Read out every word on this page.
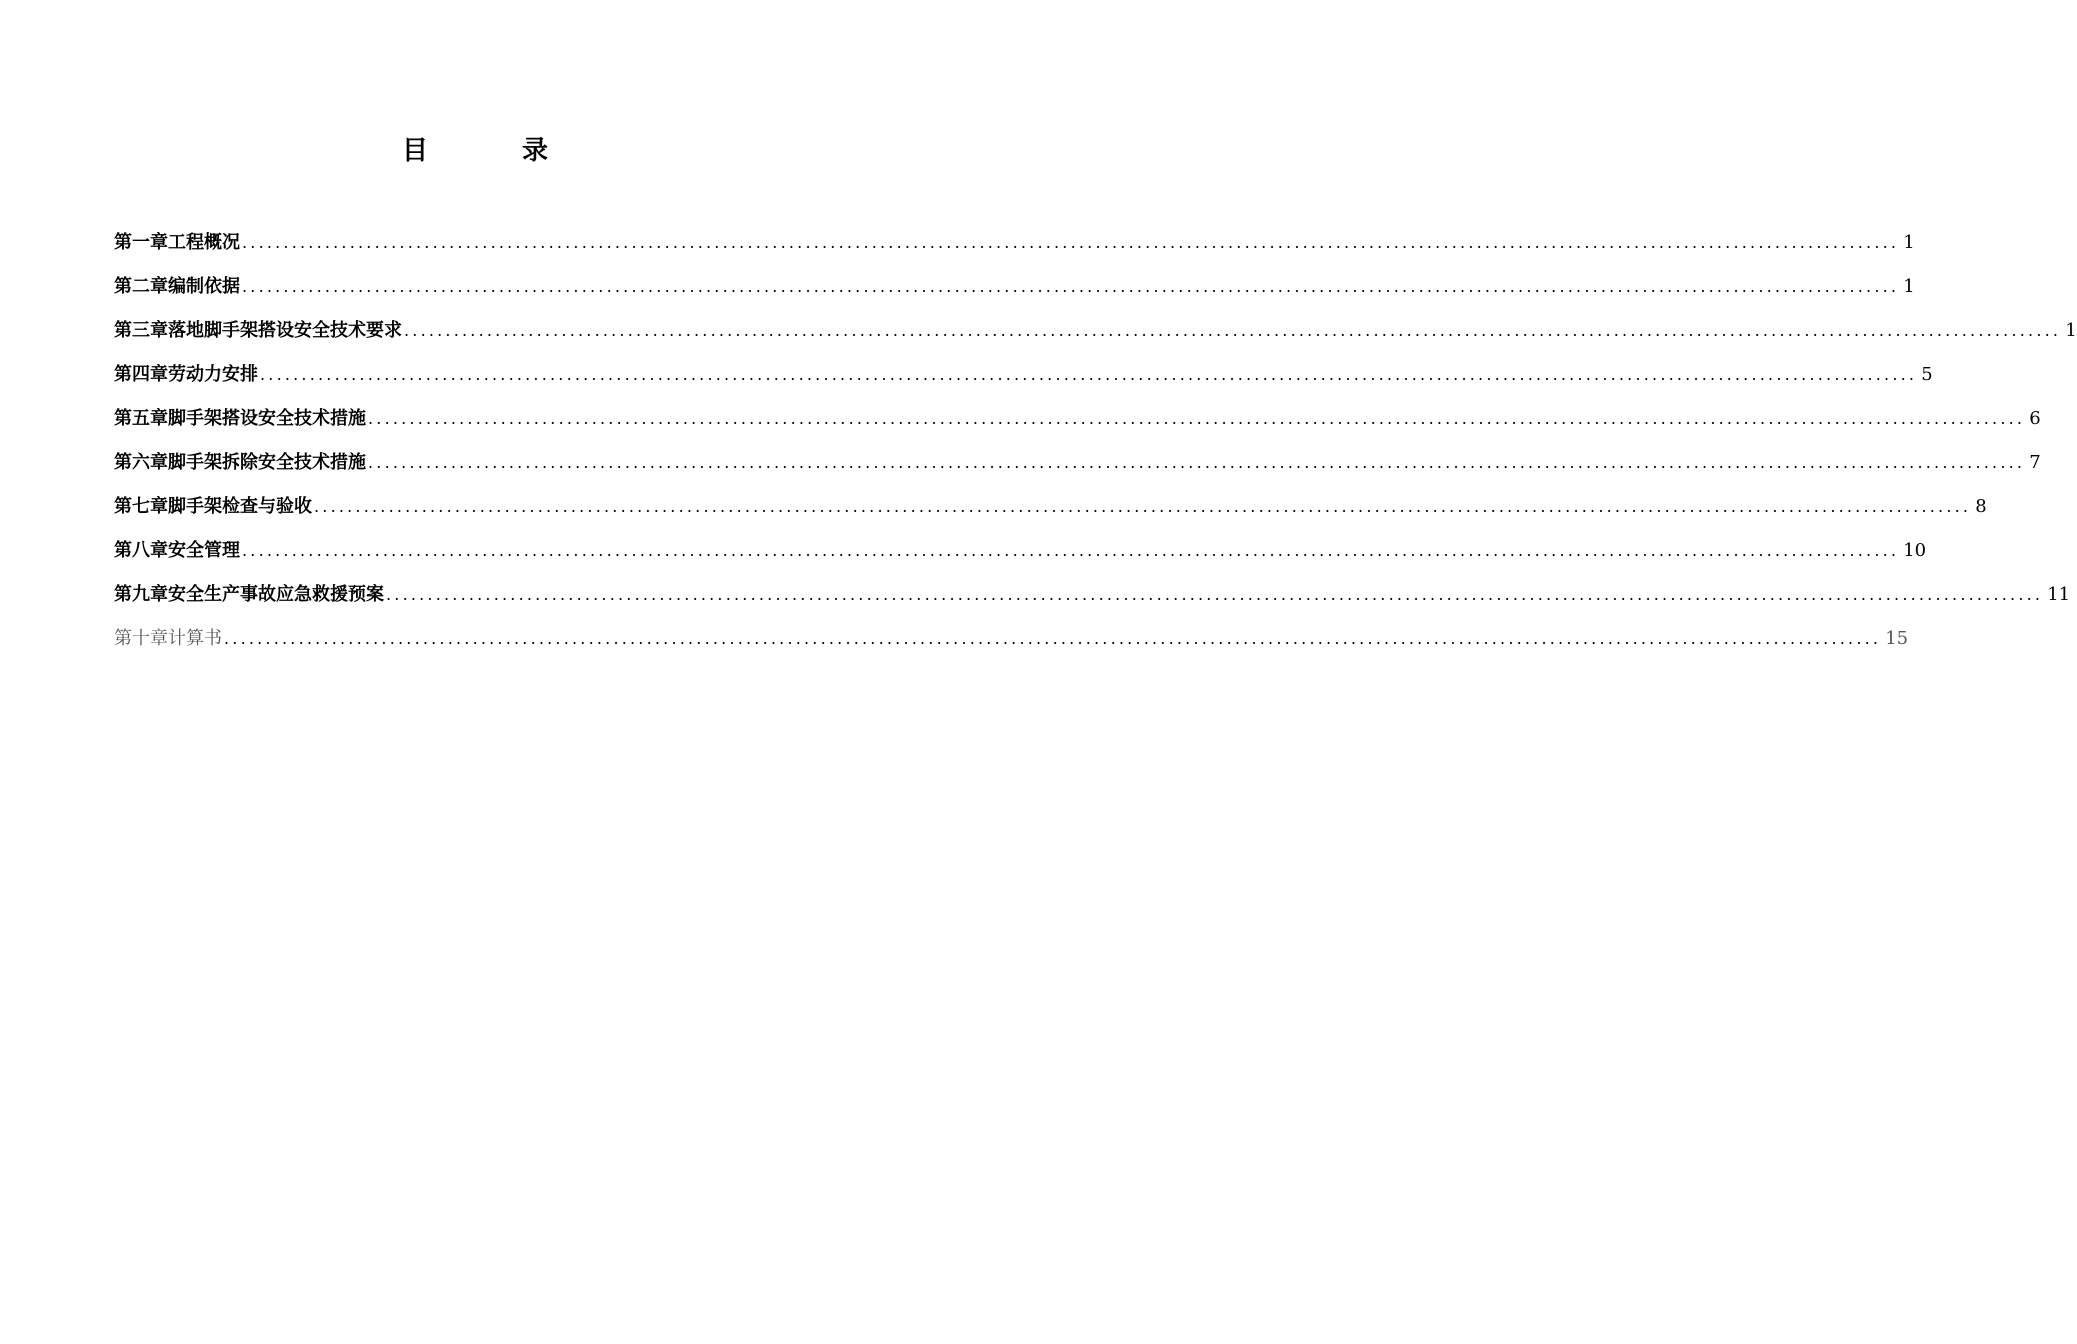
目　录
第一章 工程概况 ........................................................................................................................................................................................................ 1
第二章 编制依据 ........................................................................................................................................................................................................ 1
第三章 落地脚手架搭设安全技术要求 ........................................................................................................................................................................................................ 1
第四章 劳动力安排 ........................................................................................................................................................................................................ 5
第五章 脚手架搭设安全技术措施 ........................................................................................................................................................................................................ 6
第六章 脚手架拆除安全技术措施 ........................................................................................................................................................................................................ 7
第七章 脚手架检查与验收 ........................................................................................................................................................................................................ 8
第八章 安全管理 ........................................................................................................................................................................................................ 10
第九章 安全生产事故应急救援预案 ........................................................................................................................................................................................................ 11
第十章 计算书 ........................................................................................................................................................................................................ 15
